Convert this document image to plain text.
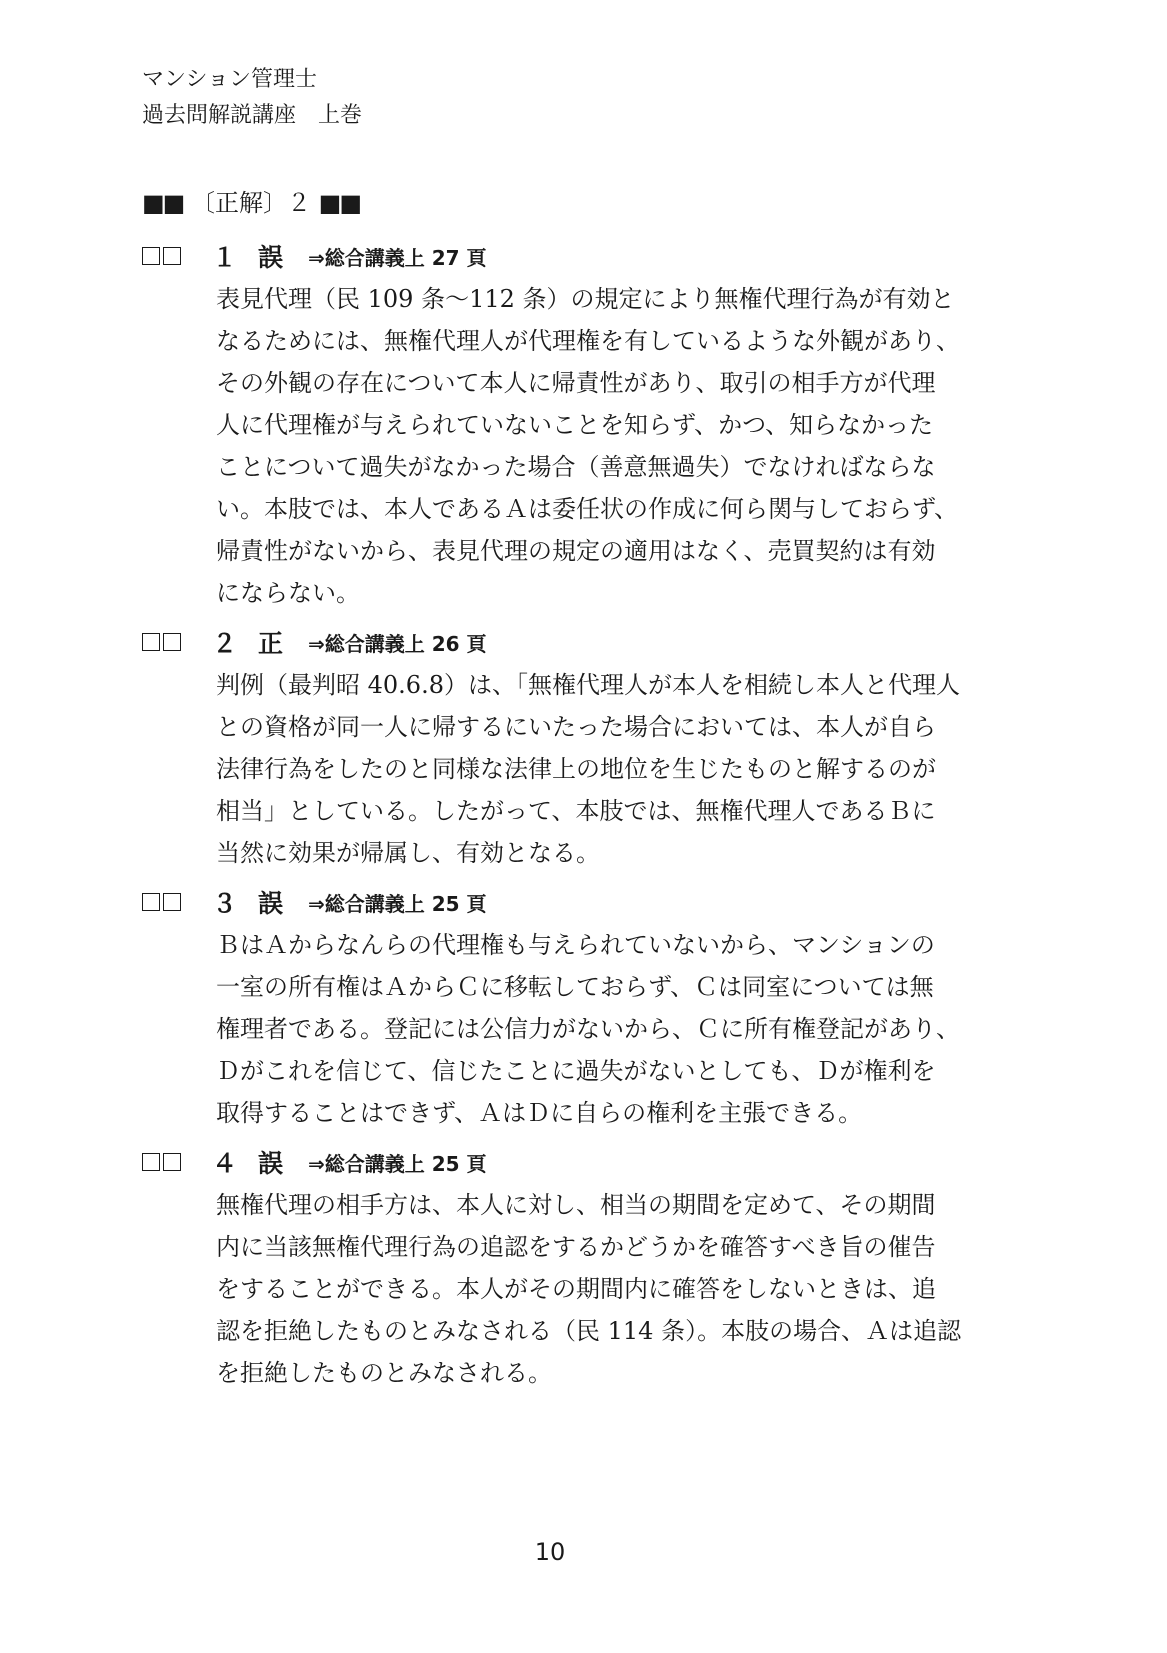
マンション管理士
過去問解説講座　上巻
■■ 〔正解〕２ ■■
１ 誤	⇒総合講義上 27 頁
表見代理（民 109 条～112 条）の規定により無権代理行為が有効と
なるためには、無権代理人が代理権を有しているような外観があり、
その外観の存在について本人に帰責性があり、取引の相手方が代理
人に代理権が与えられていないことを知らず、かつ、知らなかった
ことについて過失がなかった場合（善意無過失）でなければならな
い。本肢では、本人であるＡは委任状の作成に何ら関与しておらず、
帰責性がないから、表見代理の規定の適用はなく、売買契約は有効
にならない。
２ 正	⇒総合講義上 26 頁
判例（最判昭 40.6.8）は、「無権代理人が本人を相続し本人と代理人
との資格が同一人に帰するにいたった場合においては、本人が自ら
法律行為をしたのと同様な法律上の地位を生じたものと解するのが
相当」としている。したがって、本肢では、無権代理人であるＢに
当然に効果が帰属し、有効となる。
３ 誤	⇒総合講義上 25 頁
ＢはＡからなんらの代理権も与えられていないから、マンションの
一室の所有権はＡからＣに移転しておらず、Ｃは同室については無
権理者である。登記には公信力がないから、Ｃに所有権登記があり、
Ｄがこれを信じて、信じたことに過失がないとしても、Ｄが権利を
取得することはできず、ＡはＤに自らの権利を主張できる。
４ 誤	⇒総合講義上 25 頁
無権代理の相手方は、本人に対し、相当の期間を定めて、その期間
内に当該無権代理行為の追認をするかどうかを確答すべき旨の催告
をすることができる。本人がその期間内に確答をしないときは、追
認を拒絶したものとみなされる（民 114 条）。本肢の場合、Ａは追認
を拒絶したものとみなされる。
10
